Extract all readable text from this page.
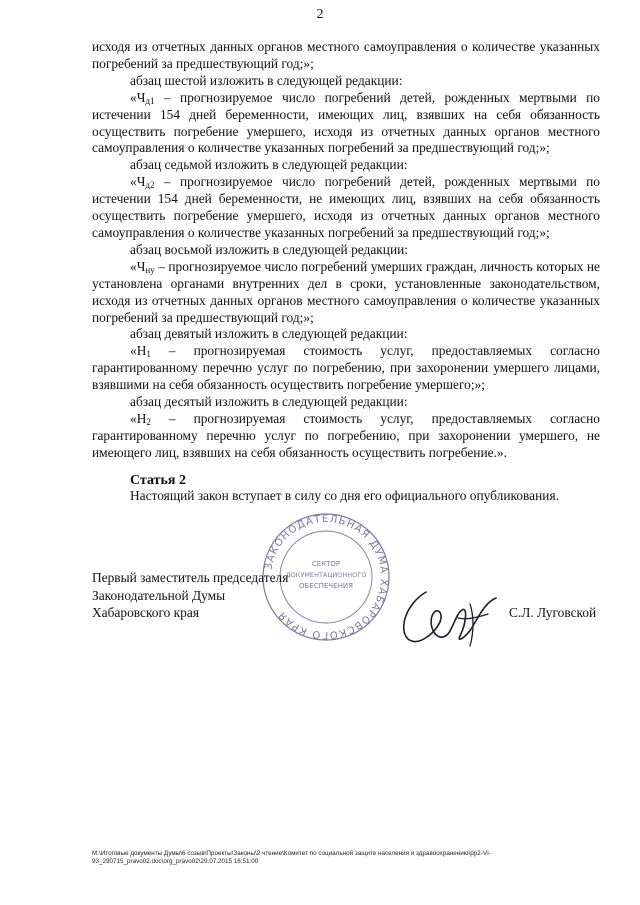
2

исходя из отчетных данных органов местного самоуправления о количестве указанных погребений за предшествующий год;»;

абзац шестой изложить в следующей редакции:

«$Ч_{д1}$ – прогнозируемое число погребений детей, рожденных мертвыми по истечении 154 дней беременности, имеющих лиц, взявших на себя обязанность осуществить погребение умершего, исходя из отчетных данных органов местного самоуправления о количестве указанных погребений за предшествующий год;»;

абзац седьмой изложить в следующей редакции:

«$Ч_{д2}$ – прогнозируемое число погребений детей, рожденных мертвыми по истечении 154 дней беременности, не имеющих лиц, взявших на себя обязанность осуществить погребение умершего, исходя из отчетных данных органов местного самоуправления о количестве указанных погребений за предшествующий год;»;

абзац восьмой изложить в следующей редакции:

«$Ч_{ну}$ – прогнозируемое число погребений умерших граждан, личность которых не установлена органами внутренних дел в сроки, установленные законодательством, исходя из отчетных данных органов местного самоуправления о количестве указанных погребений за предшествующий год;»;

абзац девятый изложить в следующей редакции:

«$Н_1$ – прогнозируемая стоимость услуг, предоставляемых согласно гарантированному перечню услуг по погребению, при захоронении умершего лицами, взявшими на себя обязанность осуществить погребение умершего;»;

абзац десятый изложить в следующей редакции:

«$Н_2$ – прогнозируемая стоимость услуг, предоставляемых согласно гарантированному перечню услуг по погребению, при захоронении умершего, не имеющего лиц, взявших на себя обязанность осуществить погребение.».

Статья 2
Настоящий закон вступает в силу со дня его официального опубликования.
ЗАКОНОДАТЕЛЬНАЯ ДУМА ХАБАРОВСКОГО КРАЯ
СЕКТОР
ДОКУМЕНТАЦИОННОГО
ОБЕСПЕЧЕНИЯ
Первый заместитель председателя
Законодательной Думы
Хабаровского края	С.Л. Луговской
M:\Итоговые документы Думы\6 созыв\Проекты\Законы\2 чтение\Комитет по социальной защите населения и здравоохранению\pp2-VI-
93_290715_pravo02.doc\org_pravo02\29.07.2015 16:51:00
